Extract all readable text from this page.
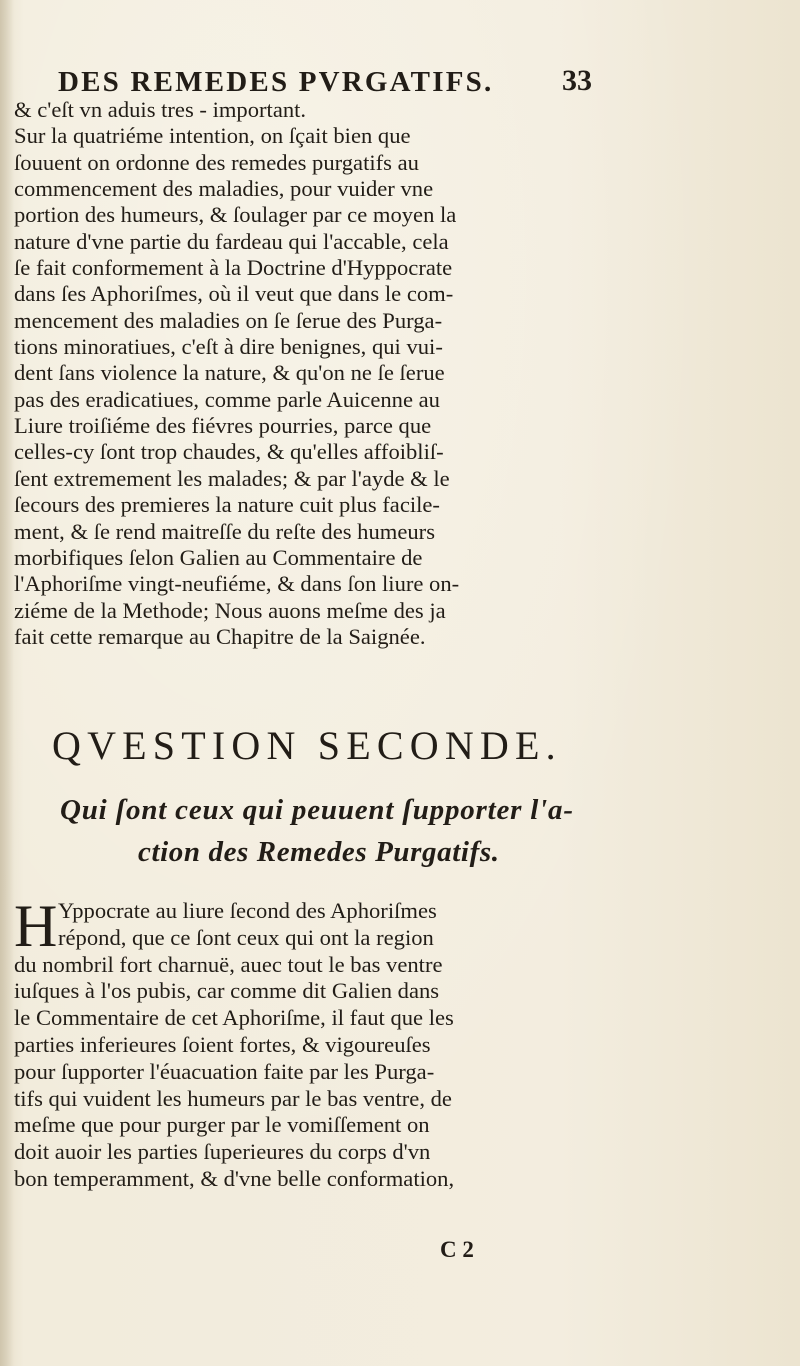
DES REMEDES PVRGATIFS. 33
& c'eſt vn aduis tres - important.
Sur la quatriéme intention, on ſçait bien que
ſouuent on ordonne des remedes purgatifs au
commencement des maladies, pour vuider vne
portion des humeurs, & ſoulager par ce moyen la
nature d'vne partie du fardeau qui l'accable, cela
ſe fait conformement à la Doctrine d'Hyppocrate
dans ſes Aphoriſmes, où il veut que dans le com-
mencement des maladies on ſe ſerue des Purga-
tions minoratiues, c'eſt à dire benignes, qui vui-
dent ſans violence la nature, & qu'on ne ſe ſerue
pas des eradicatiues, comme parle Auicenne au
Liure troiſiéme des fiévres pourries, parce que
celles-cy ſont trop chaudes, & qu'elles affoibliſ-
ſent extremement les malades; & par l'ayde & le
ſecours des premieres la nature cuit plus facile-
ment, & ſe rend maitreſſe du reſte des humeurs
morbifiques ſelon Galien au Commentaire de
l'Aphoriſme vingt-neufiéme, & dans ſon liure on-
ziéme de la Methode; Nous auons meſme des ja
fait cette remarque au Chapitre de la Saignée.
QVESTION SECONDE.
Qui ſont ceux qui peuuent ſupporter l'a-
ction des Remedes Purgatifs.
H Yppocrate au liure ſecond des Aphoriſmes
répond, que ce ſont ceux qui ont la region
du nombril fort charnuë, auec tout le bas ventre
iuſques à l'os pubis, car comme dit Galien dans
le Commentaire de cet Aphoriſme, il faut que les
parties inferieures ſoient fortes, & vigoureuſes
pour ſupporter l'éuacuation faite par les Purga-
tifs qui vuident les humeurs par le bas ventre, de
meſme que pour purger par le vomiſſement on
doit auoir les parties ſuperieures du corps d'vn
bon temperamment, & d'vne belle conformation,
C 2
